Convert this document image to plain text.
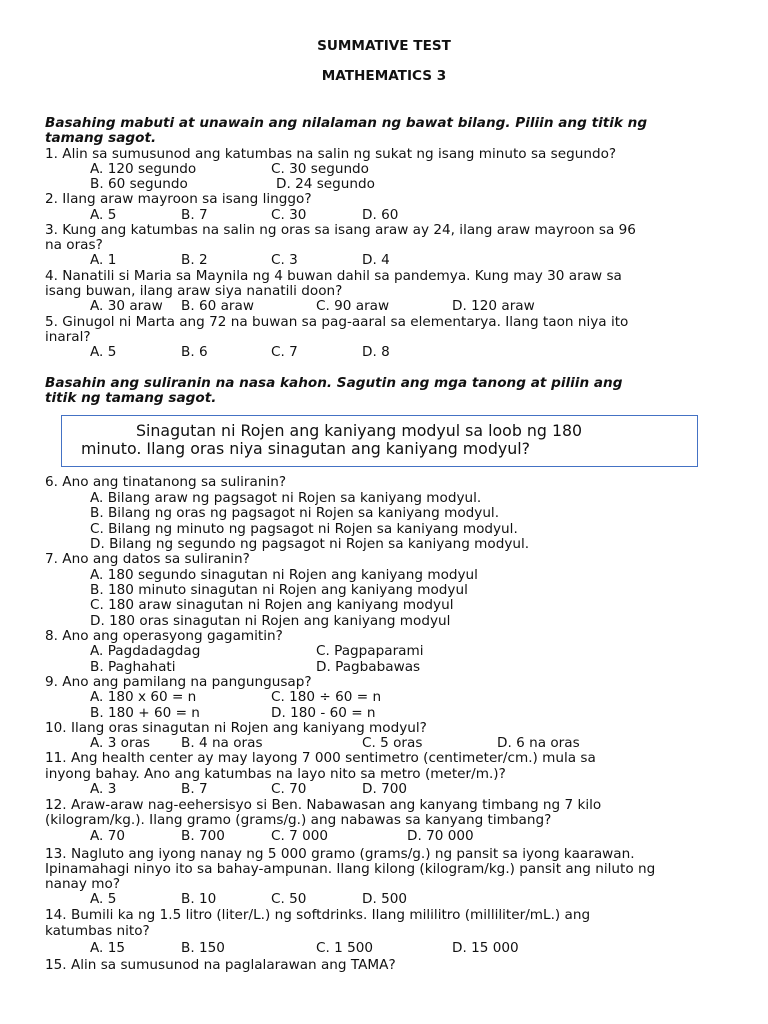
SUMMATIVE TEST
MATHEMATICS 3
Basahing mabuti at unawain ang nilalaman ng bawat bilang. Piliin ang titik ng
tamang sagot.
1. Alin sa sumusunod ang katumbas na salin ng sukat ng isang minuto sa segundo?
A. 120 segundo	C. 30 segundo
B. 60 segundo	D. 24 segundo
2. Ilang araw mayroon sa isang linggo?
A. 5	B. 7	C. 30	D. 60
3. Kung ang katumbas na salin ng oras sa isang araw ay 24, ilang araw mayroon sa 96
na oras?
A. 1	B. 2	C. 3	D. 4
4. Nanatili si Maria sa Maynila ng 4 buwan dahil sa pandemya. Kung may 30 araw sa
isang buwan, ilang araw siya nanatili doon?
A. 30 araw B. 60 araw	C. 90 araw	D. 120 araw
5. Ginugol ni Marta ang 72 na buwan sa pag-aaral sa elementarya. Ilang taon niya ito
inaral?
A. 5	B. 6	C. 7	D. 8
Basahin ang suliranin na nasa kahon. Sagutin ang mga tanong at piliin ang
titik ng tamang sagot.
Sinagutan ni Rojen ang kaniyang modyul sa loob ng 180
minuto. Ilang oras niya sinagutan ang kaniyang modyul?
6. Ano ang tinatanong sa suliranin?
A. Bilang araw ng pagsagot ni Rojen sa kaniyang modyul.
B. Bilang ng oras ng pagsagot ni Rojen sa kaniyang modyul.
C. Bilang ng minuto ng pagsagot ni Rojen sa kaniyang modyul.
D. Bilang ng segundo ng pagsagot ni Rojen sa kaniyang modyul.
7. Ano ang datos sa suliranin?
A. 180 segundo sinagutan ni Rojen ang kaniyang modyul
B. 180 minuto sinagutan ni Rojen ang kaniyang modyul
C. 180 araw sinagutan ni Rojen ang kaniyang modyul
D. 180 oras sinagutan ni Rojen ang kaniyang modyul
8. Ano ang operasyong gagamitin?
A. Pagdadagdag	C. Pagpaparami
B. Paghahati	D. Pagbabawas
9. Ano ang pamilang na pangungusap?
A. 180 x 60 = n	C. 180 ÷ 60 = n
B. 180 + 60 = n	D. 180 - 60 = n
10. Ilang oras sinagutan ni Rojen ang kaniyang modyul?
A. 3 oras B. 4 na oras	C. 5 oras	D. 6 na oras
11. Ang health center ay may layong 7 000 sentimetro (centimeter/cm.) mula sa
inyong bahay. Ano ang katumbas na layo nito sa metro (meter/m.)?
A. 3	B. 7	C. 70	D. 700
12. Araw-araw nag-eehersisyo si Ben. Nabawasan ang kanyang timbang ng 7 kilo
(kilogram/kg.). Ilang gramo (grams/g.) ang nabawas sa kanyang timbang?
A. 70	B. 700	C. 7 000	D. 70 000
13. Nagluto ang iyong nanay ng 5 000 gramo (grams/g.) ng pansit sa iyong kaarawan.
Ipinamahagi ninyo ito sa bahay-ampunan. Ilang kilong (kilogram/kg.) pansit ang niluto ng
nanay mo?
A. 5	B. 10	C. 50	D. 500
14. Bumili ka ng 1.5 litro (liter/L.) ng softdrinks. Ilang mililitro (milliliter/mL.) ang
katumbas nito?
A. 15	B. 150	C. 1 500	D. 15 000
15. Alin sa sumusunod na paglalarawan ang TAMA?
